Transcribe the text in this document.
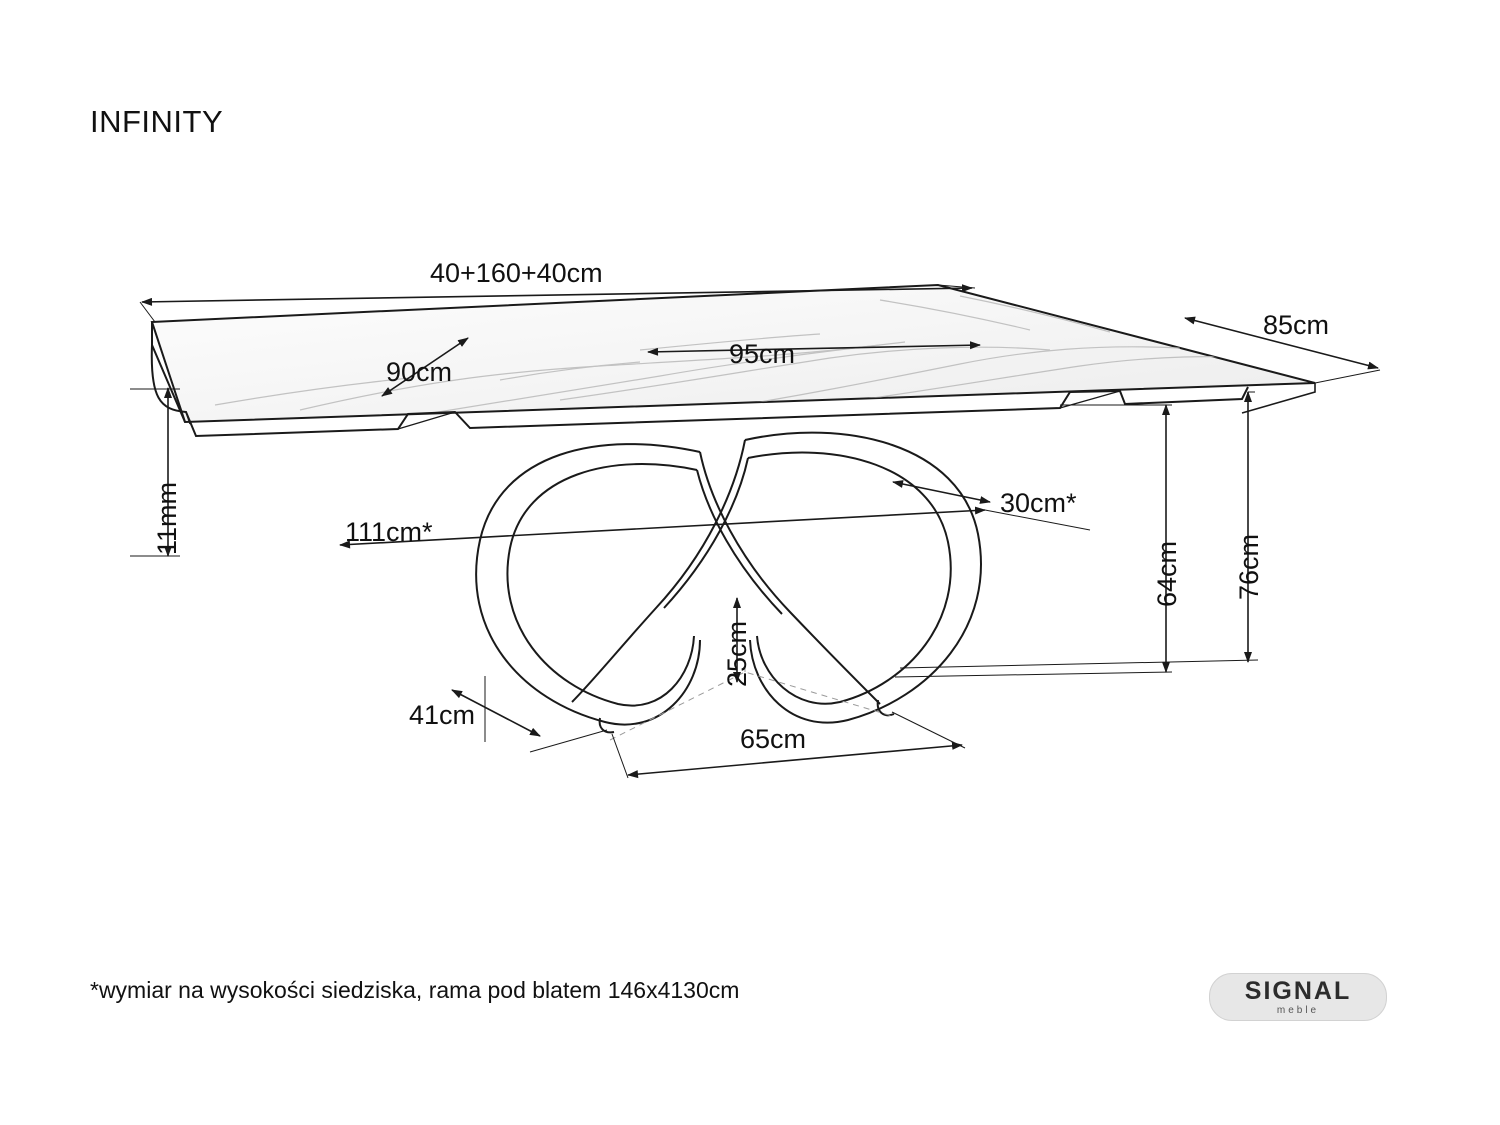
INFINITY
40+160+40cm
85cm
90cm
95cm
11mm	111cm*
30cm*
64cm 76cm
25cm
41cm
65cm
*wymiar na wysokości siedziska, rama pod blatem 146x4130cm	SIGNAL
meble
